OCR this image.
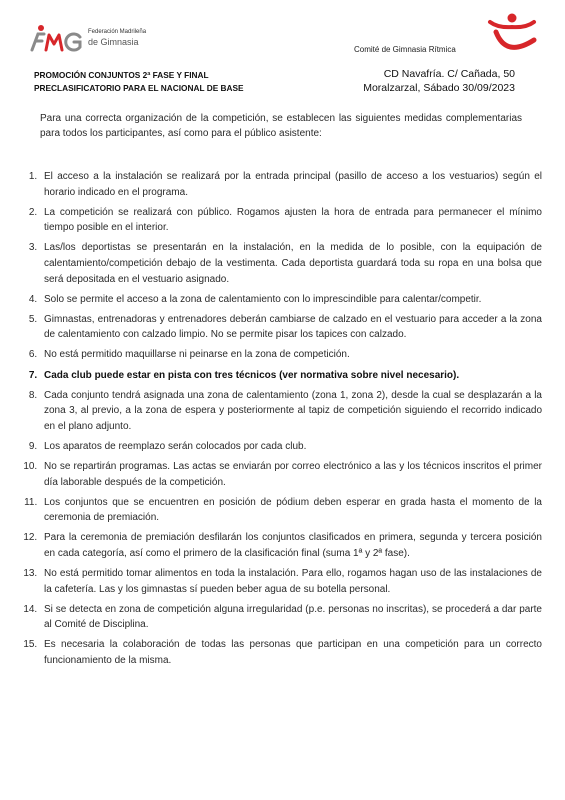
Federación Madrileña
de Gimnasia
Comité de Gimnasia Rítmica
PROMOCIÓN CONJUNTOS 2ª FASE Y FINAL
PRECLASIFICATORIO PARA EL NACIONAL DE BASE
CD Navafría. C/ Cañada, 50
Moralzarzal, Sábado 30/09/2023

Para una correcta organización de la competición, se establecen las siguientes medidas complementarias para todos los participantes, así como para el público asistente:

1. El acceso a la instalación se realizará por la entrada principal (pasillo de acceso a los vestuarios) según el horario indicado en el programa.
2. La competición se realizará con público. Rogamos ajusten la hora de entrada para permanecer el mínimo tiempo posible en el interior.
3. Las/los deportistas se presentarán en la instalación, en la medida de lo posible, con la equipación de calentamiento/competición debajo de la vestimenta. Cada deportista guardará toda su ropa en una bolsa que será depositada en el vestuario asignado.
4. Solo se permite el acceso a la zona de calentamiento con lo imprescindible para calentar/competir.
5. Gimnastas, entrenadoras y entrenadores deberán cambiarse de calzado en el vestuario para acceder a la zona de calentamiento con calzado limpio. No se permite pisar los tapices con calzado.
6. No está permitido maquillarse ni peinarse en la zona de competición.
7. Cada club puede estar en pista con tres técnicos (ver normativa sobre nivel necesario).
8. Cada conjunto tendrá asignada una zona de calentamiento (zona 1, zona 2), desde la cual se desplazarán a la zona 3, al previo, a la zona de espera y posteriormente al tapiz de competición siguiendo el recorrido indicado en el plano adjunto.
9. Los aparatos de reemplazo serán colocados por cada club.
10. No se repartirán programas. Las actas se enviarán por correo electrónico a las y los técnicos inscritos el primer día laborable después de la competición.
11. Los conjuntos que se encuentren en posición de pódium deben esperar en grada hasta el momento de la ceremonia de premiación.
12. Para la ceremonia de premiación desfilarán los conjuntos clasificados en primera, segunda y tercera posición en cada categoría, así como el primero de la clasificación final (suma 1ª y 2ª fase).
13. No está permitido tomar alimentos en toda la instalación. Para ello, rogamos hagan uso de las instalaciones de la cafetería. Las y los gimnastas sí pueden beber agua de su botella personal.
14. Si se detecta en zona de competición alguna irregularidad (p.e. personas no inscritas), se procederá a dar parte al Comité de Disciplina.
15. Es necesaria la colaboración de todas las personas que participan en una competición para un correcto funcionamiento de la misma.
